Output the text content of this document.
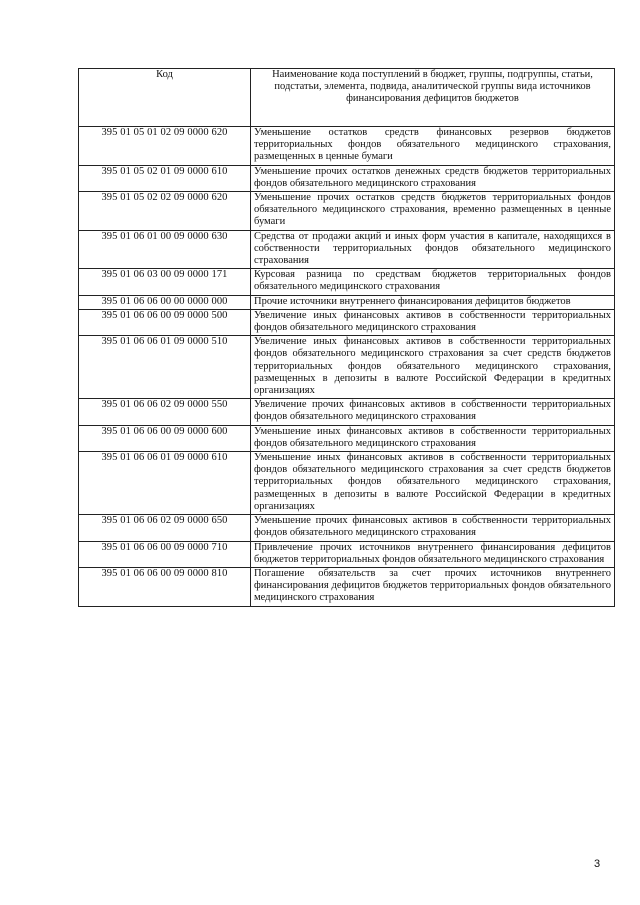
Код	Наименование кода поступлений в бюджет, группы, подгруппы, статьи, подстатьи, элемента, подвида, аналитической группы вида источников финансирования дефицитов бюджетов
395 01 05 01 02 09 0000 620	Уменьшение остатков средств финансовых резервов бюджетов территориальных фондов обязательного медицинского страхования, размещенных в ценные бумаги
395 01 05 02 01 09 0000 610	Уменьшение прочих остатков денежных средств бюджетов территориальных фондов обязательного медицинского страхования
395 01 05 02 02 09 0000 620	Уменьшение прочих остатков средств бюджетов территориальных фондов обязательного медицинского страхования, временно размещенных в ценные бумаги
395 01 06 01 00 09 0000 630	Средства от продажи акций и иных форм участия в капитале, находящихся в собственности территориальных фондов обязательного медицинского страхования
395 01 06 03 00 09 0000 171	Курсовая разница по средствам бюджетов территориальных фондов обязательного медицинского страхования
395 01 06 06 00 00 0000 000	Прочие источники внутреннего финансирования дефицитов бюджетов
395 01 06 06 00 09 0000 500	Увеличение иных финансовых активов в собственности территориальных фондов обязательного медицинского страхования
395 01 06 06 01 09 0000 510	Увеличение иных финансовых активов в собственности территориальных фондов обязательного медицинского страхования за счет средств бюджетов территориальных фондов обязательного медицинского страхования, размещенных в депозиты в валюте Российской Федерации в кредитных организациях
395 01 06 06 02 09 0000 550	Увеличение прочих финансовых активов в собственности территориальных фондов обязательного медицинского страхования
395 01 06 06 00 09 0000 600	Уменьшение иных финансовых активов в собственности территориальных фондов обязательного медицинского страхования
395 01 06 06 01 09 0000 610	Уменьшение иных финансовых активов в собственности территориальных фондов обязательного медицинского страхования за счет средств бюджетов территориальных фондов обязательного медицинского страхования, размещенных в депозиты в валюте Российской Федерации в кредитных организациях
395 01 06 06 02 09 0000 650	Уменьшение прочих финансовых активов в собственности территориальных фондов обязательного медицинского страхования
395 01 06 06 00 09 0000 710	Привлечение прочих источников внутреннего финансирования дефицитов бюджетов территориальных фондов обязательного медицинского страхования
395 01 06 06 00 09 0000 810	Погашение обязательств за счет прочих источников внутреннего финансирования дефицитов бюджетов территориальных фондов обязательного медицинского страхования
3
